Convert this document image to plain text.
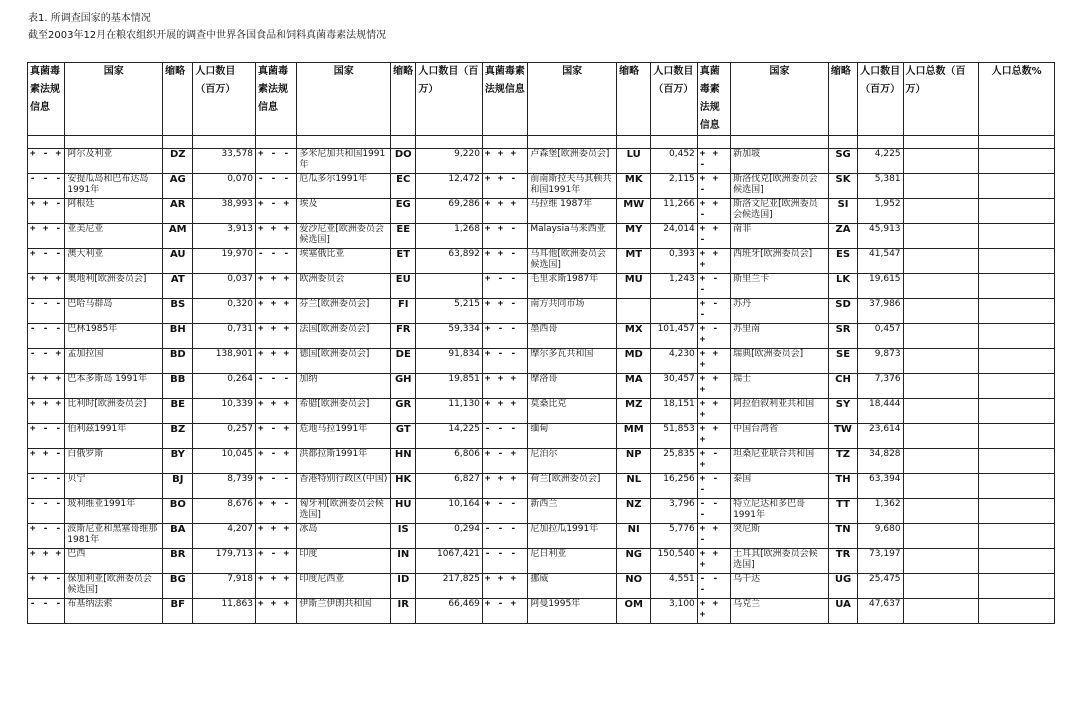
表1. 所调查国家的基本情况
截至2003年12月在粮农组织开展的调查中世界各国食品和饲料真菌毒素法规情况
真菌毒素法规信息	国家	缩略	人口数目（百万）	真菌毒素法规信息	国家	缩略	人口数目（百万）	真菌毒素法规信息	国家	缩略	人口数目（百万）	真菌毒素法规信息	国家	缩略	人口数目（百万）	人口总数（百万）	人口总数%

+ - +	阿尔及利亚	DZ	33,578	+ - -	多米尼加共和国1991年	DO	9,220	+ + +	卢森堡[欧洲委员会]	LU	0,452	+ + -	新加坡	SG	4,225		
- - -	安提瓜岛和巴布达岛1991年	AG	0,070	- - -	厄瓜多尔1991年	EC	12,472	+ + -	前南斯拉夫马其顿共和国1991年	MK	2,115	+ + -	斯洛伐克[欧洲委员会候选国]	SK	5,381		
+ + -	阿根廷	AR	38,993	+ - +	埃及	EG	69,286	+ + +	马拉维 1987年	MW	11,266	+ + -	斯洛文尼亚[欧洲委员会候选国]	SI	1,952		
+ + -	亚美尼亚	AM	3,913	+ + +	爱沙尼亚[欧洲委员会候选国]	EE	1,268	+ + -	Malaysia马来西亚	MY	24,014	+ + -	南非	ZA	45,913		
+ - -	澳大利亚	AU	19,970	- - -	埃塞俄比亚	ET	63,892	+ + -	马耳他[欧洲委员会候选国]	MT	0,393	+ + +	西班牙[欧洲委员会]	ES	41,547		
+ + +	奥地利[欧洲委员会]	AT	0,037	+ + +	欧洲委员会	EU		+ - -	毛里求斯1987年	MU	1,243	+ - -	斯里兰卡	LK	19,615		
- - -	巴哈马群岛	BS	0,320	+ + +	芬兰[欧洲委员会]	FI	5,215	+ + -	南方共同市场			+ - -	苏丹	SD	37,986		
- - -	巴林1985年	BH	0,731	+ + +	法国[欧洲委员会]	FR	59,334	+ - -	墨西哥	MX	101,457	+ - +	苏里南	SR	0,457		
- - +	孟加拉国	BD	138,901	+ + +	德国[欧洲委员会]	DE	91,834	+ - -	摩尔多瓦共和国	MD	4,230	+ + +	瑞典[欧洲委员会]	SE	9,873		
+ + +	巴本多斯岛 1991年	BB	0,264	- - -	加纳	GH	19,851	+ + +	摩洛哥	MA	30,457	+ + +	瑞士	CH	7,376		
+ + +	比利时[欧洲委员会]	BE	10,339	+ + +	希腊[欧洲委员会]	GR	11,130	+ + +	莫桑比克	MZ	18,151	+ + +	阿拉伯叙利亚共和国	SY	18,444		
+ - -	伯利兹1991年	BZ	0,257	+ - +	危地马拉1991年	GT	14,225	- - -	缅甸	MM	51,853	+ + +	中国台湾省	TW	23,614		
+ + -	白俄罗斯	BY	10,045	+ - +	洪都拉斯1991年	HN	6,806	+ - +	尼泊尔	NP	25,835	+ - +	坦桑尼亚联合共和国	TZ	34,828		
- - -	贝宁	BJ	8,739	+ - -	香港特别行政区(中国)	HK	6,827	+ + +	荷兰[欧洲委员会]	NL	16,256	+ - -	泰国	TH	63,394		
- - -	玻利维亚1991年	BO	8,676	+ + -	匈牙利[欧洲委员会候选国]	HU	10,164	+ - -	新西兰	NZ	3,796	- - -	特立尼达和多巴哥1991年	TT	1,362		
+ - -	波斯尼亚和黑塞哥维那 1981年	BA	4,207	+ + +	冰岛	IS	0,294	- - -	尼加拉瓜1991年	NI	5,776	+ + -	突尼斯	TN	9,680		
+ + +	巴西	BR	179,713	+ - +	印度	IN	1067,421	- - -	尼日利亚	NG	150,540	+ + +	土耳其[欧洲委员会候选国]	TR	73,197		
+ + -	保加利亚[欧洲委员会候选国]	BG	7,918	+ + +	印度尼西亚	ID	217,825	+ + +	挪威	NO	4,551	- - -	乌干达	UG	25,475		
- - -	布基纳法索	BF	11,863	+ + +	伊斯兰伊朗共和国	IR	66,469	+ - +	阿曼1995年	OM	3,100	+ + +	乌克兰	UA	47,637		
